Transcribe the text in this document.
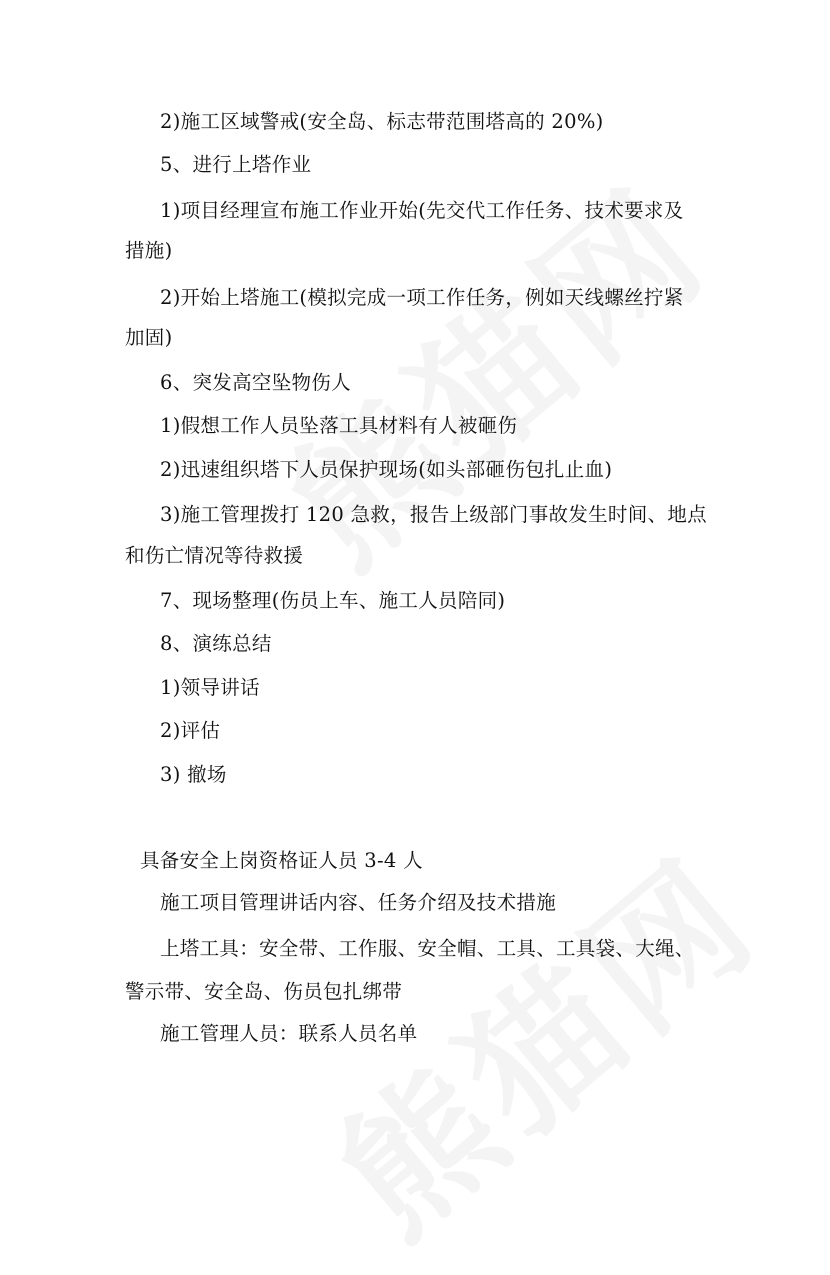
2)施工区域警戒(安全岛、标志带范围塔高的 20%)
5、进行上塔作业
1)项目经理宣布施工作业开始(先交代工作任务、技术要求及
措施)
2)开始上塔施工(模拟完成一项工作任务，例如天线螺丝拧紧
加固)
6、突发高空坠物伤人
1)假想工作人员坠落工具材料有人被砸伤
2)迅速组织塔下人员保护现场(如头部砸伤包扎止血)
3)施工管理拨打 120 急救，报告上级部门事故发生时间、地点
和伤亡情况等待救援
7、现场整理(伤员上车、施工人员陪同)
8、演练总结
1)领导讲话
2)评估
3) 撤场
具备安全上岗资格证人员 3-4 人
施工项目管理讲话内容、任务介绍及技术措施
上塔工具：安全带、工作服、安全帽、工具、工具袋、大绳、
警示带、安全岛、伤员包扎绑带
施工管理人员：联系人员名单
